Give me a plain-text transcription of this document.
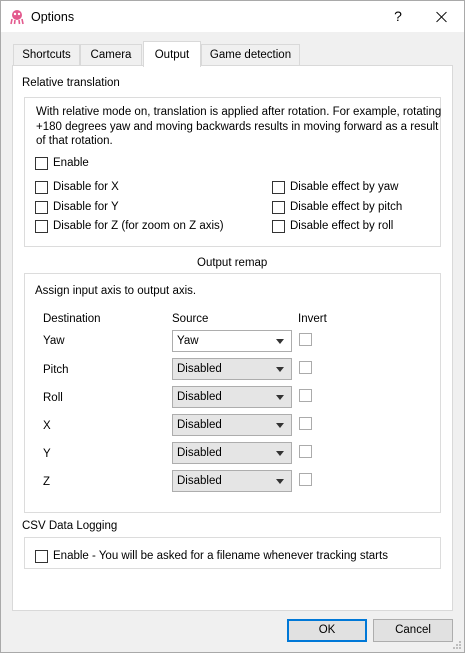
Options	?
Shortcuts	Camera	Output	Game detection
Relative translation
With relative mode on, translation is applied after rotation. For example, rotating
+180 degrees yaw and moving backwards results in moving forward as a result
of that rotation.
Enable
Disable for X
Disable for Y
Disable for Z (for zoom on Z axis)
Disable effect by yaw
Disable effect by pitch
Disable effect by roll
Output remap
Assign input axis to output axis.
Destination	Source	Invert
Yaw	Yaw
Pitch	Disabled
Roll	Disabled
X	Disabled
Y	Disabled
Z	Disabled
CSV Data Logging
Enable - You will be asked for a filename whenever tracking starts
OK	Cancel
